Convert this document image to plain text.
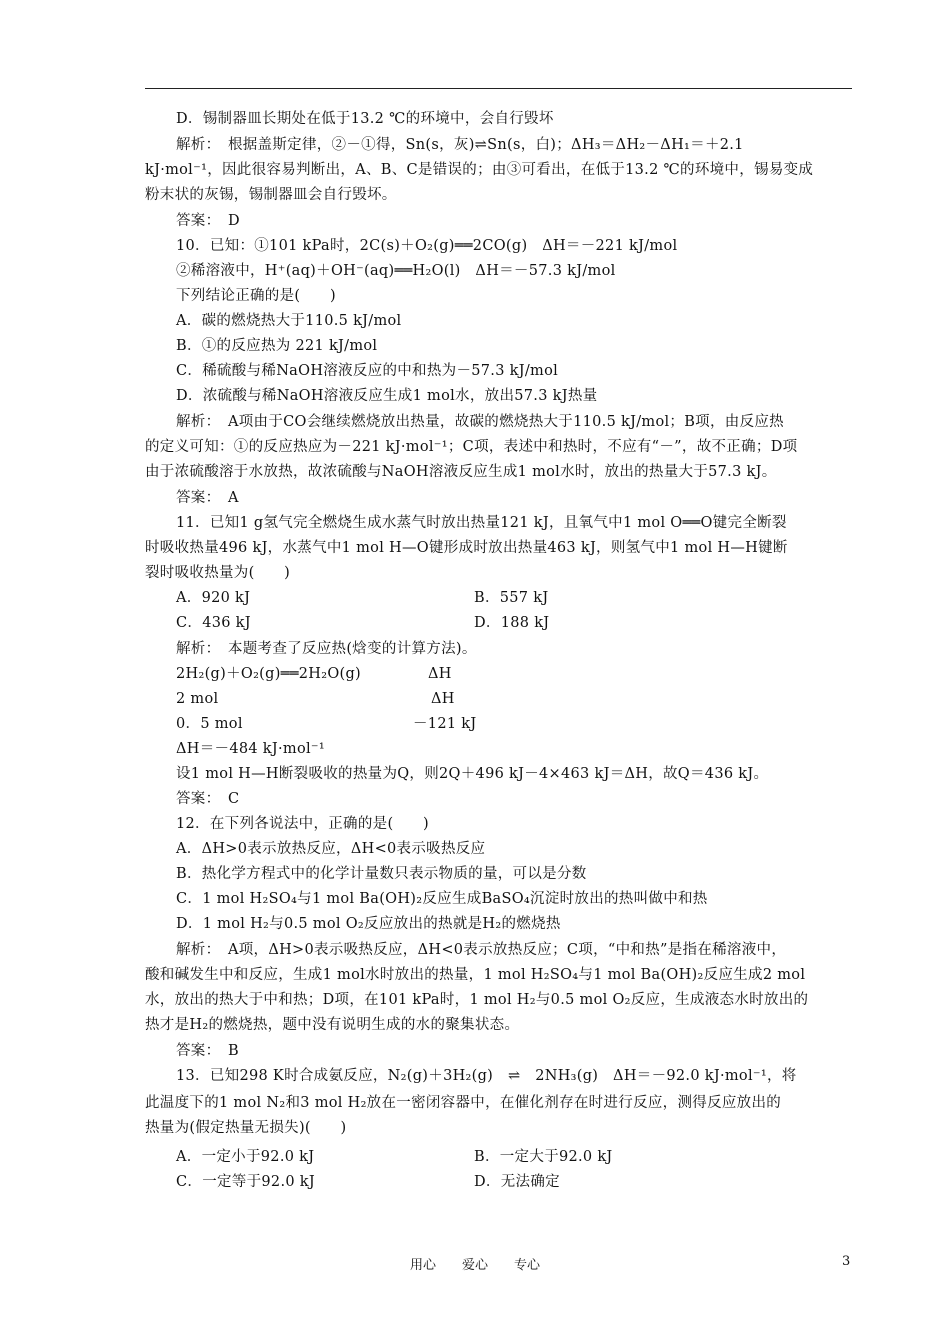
D．锡制器皿长期处在低于13.2 ℃的环境中，会自行毁坏
解析：　根据盖斯定律，②－①得，Sn(s，灰)⇌Sn(s，白)；ΔH₃＝ΔH₂－ΔH₁＝＋2.1
kJ·mol⁻¹，因此很容易判断出，A、B、C是错误的；由③可看出，在低于13.2 ℃的环境中，锡易变成
粉末状的灰锡，锡制器皿会自行毁坏。
答案：　D
10．已知：①101 kPa时，2C(s)＋O₂(g)══2CO(g)　ΔH＝－221 kJ/mol
②稀溶液中，H⁺(aq)＋OH⁻(aq)══H₂O(l)　ΔH＝－57.3 kJ/mol
下列结论正确的是(　　)
A．碳的燃烧热大于110.5 kJ/mol
B．①的反应热为 221 kJ/mol
C．稀硫酸与稀NaOH溶液反应的中和热为－57.3 kJ/mol
D．浓硫酸与稀NaOH溶液反应生成1 mol水，放出57.3 kJ热量
解析：　A项由于CO会继续燃烧放出热量，故碳的燃烧热大于110.5 kJ/mol；B项，由反应热
的定义可知：①的反应热应为－221 kJ·mol⁻¹；C项，表述中和热时，不应有“－”，故不正确；D项
由于浓硫酸溶于水放热，故浓硫酸与NaOH溶液反应生成1 mol水时，放出的热量大于57.3 kJ。
答案：　A
11．已知1 g氢气完全燃烧生成水蒸气时放出热量121 kJ，且氧气中1 mol O══O键完全断裂
时吸收热量496 kJ，水蒸气中1 mol H—O键形成时放出热量463 kJ，则氢气中1 mol H—H键断
裂时吸收热量为(　　)
A．920 kJ	B．557 kJ
C．436 kJ	D．188 kJ
解析：　本题考查了反应热(焓变的计算方法)。
2H₂(g)＋O₂(g)══2H₂O(g)	ΔH
2 mol	ΔH
0．5 mol	－121 kJ
ΔH＝－484 kJ·mol⁻¹
设1 mol H—H断裂吸收的热量为Q，则2Q＋496 kJ－4×463 kJ＝ΔH，故Q＝436 kJ。
答案：　C
12．在下列各说法中，正确的是(　　)
A．ΔH>0表示放热反应，ΔH<0表示吸热反应
B．热化学方程式中的化学计量数只表示物质的量，可以是分数
C．1 mol H₂SO₄与1 mol Ba(OH)₂反应生成BaSO₄沉淀时放出的热叫做中和热
D．1 mol H₂与0.5 mol O₂反应放出的热就是H₂的燃烧热
解析：　A项，ΔH>0表示吸热反应，ΔH<0表示放热反应；C项，“中和热”是指在稀溶液中，
酸和碱发生中和反应，生成1 mol水时放出的热量，1 mol H₂SO₄与1 mol Ba(OH)₂反应生成2 mol
水，放出的热大于中和热；D项，在101 kPa时，1 mol H₂与0.5 mol O₂反应，生成液态水时放出的
热才是H₂的燃烧热，题中没有说明生成的水的聚集状态。
答案：　B
13．已知298 K时合成氨反应，N₂(g)＋3H₂(g)　⇌　2NH₃(g)　ΔH＝－92.0 kJ·mol⁻¹，将
此温度下的1 mol N₂和3 mol H₂放在一密闭容器中，在催化剂存在时进行反应，测得反应放出的
热量为(假定热量无损失)(　　)
A．一定小于92.0 kJ	B．一定大于92.0 kJ
C．一定等于92.0 kJ	D．无法确定
用心　　爱心　　专心	3
